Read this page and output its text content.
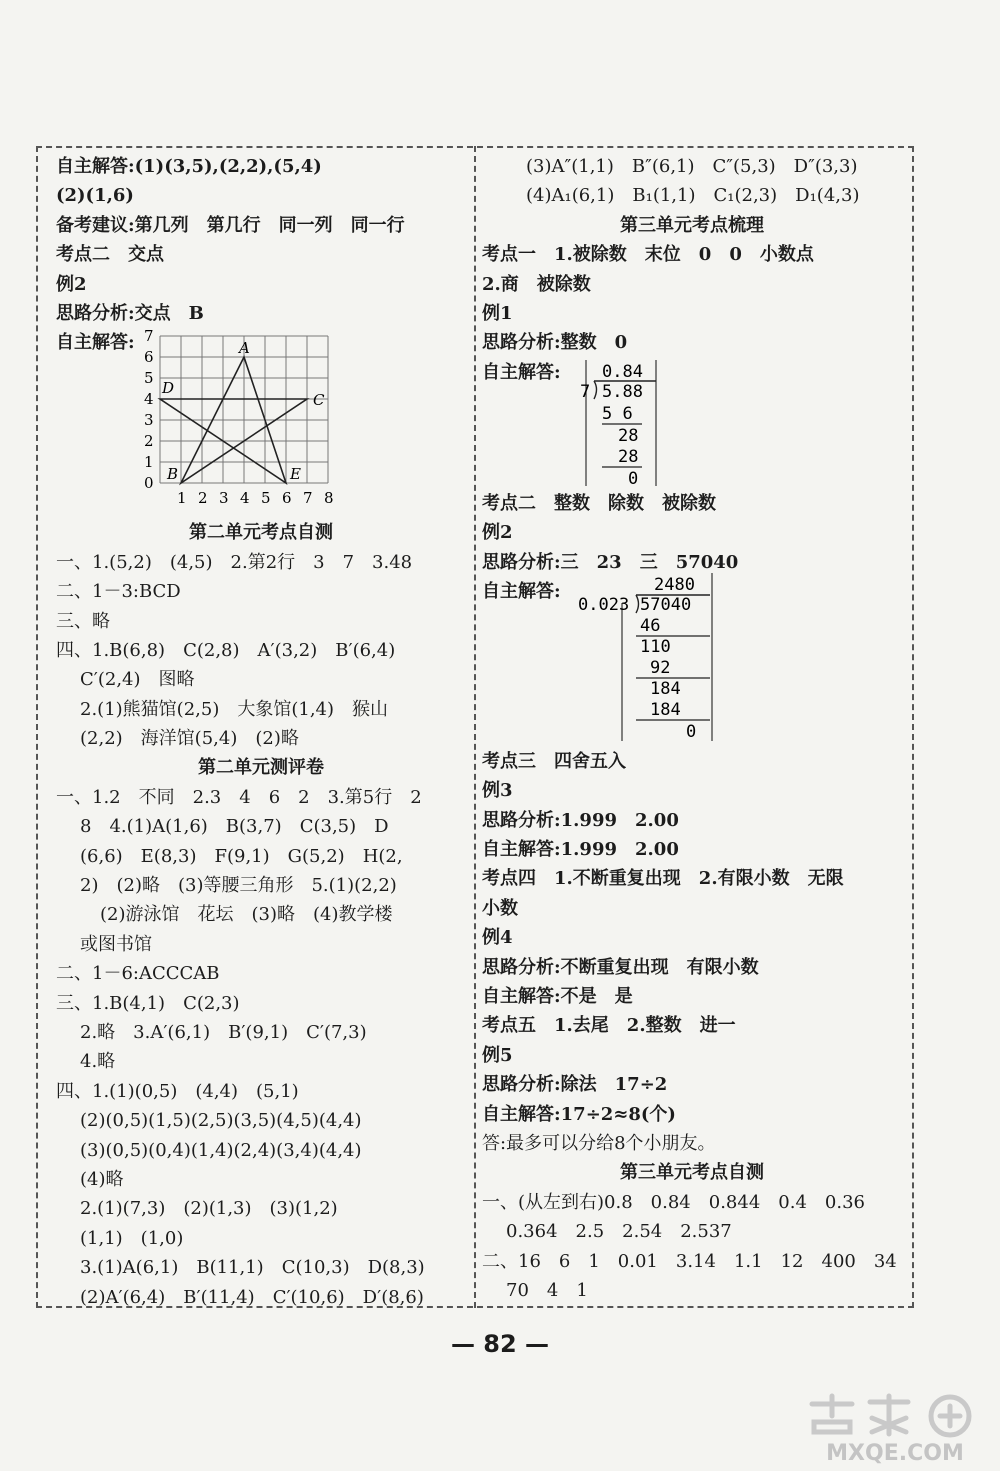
自主解答:(1)(3,5),(2,2),(5,4)
(2)(1,6)
备考建议:第几列　第几行　同一列　同一行
考点二　交点
例2
思路分析:交点　B
自主解答:
0
1
2
3
4
5
6
7
1 2 3 4 5 6 7 8
A
B
C
D
E
第二单元考点自测
一、1.(5,2)　(4,5)　2.第2行　3　7　3.48
二、1－3:BCD
三、略
四、1.B(6,8)　C(2,8)　A′(3,2)　B′(6,4)
C′(2,4)　图略
2.(1)熊猫馆(2,5)　大象馆(1,4)　猴山
(2,2)　海洋馆(5,4)　(2)略
第二单元测评卷
一、1.2　不同　2.3　4　6　2　3.第5行　2
8　4.(1)A(1,6)　B(3,7)　C(3,5)　D
(6,6)　E(8,3)　F(9,1)　G(5,2)　H(2,
2)　(2)略　(3)等腰三角形　5.(1)(2,2)
(2)游泳馆　花坛　(3)略　(4)教学楼
或图书馆
二、1－6:ACCCAB
三、1.B(4,1)　C(2,3)
2.略　3.A′(6,1)　B′(9,1)　C′(7,3)
4.略
四、1.(1)(0,5)　(4,4)　(5,1)
(2)(0,5)(1,5)(2,5)(3,5)(4,5)(4,4)
(3)(0,5)(0,4)(1,4)(2,4)(3,4)(4,4)
(4)略
2.(1)(7,3)　(2)(1,3)　(3)(1,2)
(1,1)　(1,0)
3.(1)A(6,1)　B(11,1)　C(10,3)　D(8,3)
(2)A′(6,4)　B′(11,4)　C′(10,6)　D′(8,6)
(3)A″(1,1)　B″(6,1)　C″(5,3)　D″(3,3)
(4)A₁(6,1)　B₁(1,1)　C₁(2,3)　D₁(4,3)
第三单元考点梳理
考点一　1.被除数　末位　0　0　小数点
2.商　被除数
例1
思路分析:整数　0
自主解答: 0.84
7 5.88
5 6
28
28
0
考点二　整数　除数　被除数
例2
思路分析:三　23　三　57040
自主解答:	2480
0.023 57040
46
110
92
184
184
0
考点三　四舍五入
例3
思路分析:1.999　2.00
自主解答:1.999　2.00
考点四　1.不断重复出现　2.有限小数　无限
小数
例4
思路分析:不断重复出现　有限小数
自主解答:不是　是
考点五　1.去尾　2.整数　进一
例5
思路分析:除法　17÷2
自主解答:17÷2≈8(个)
答:最多可以分给8个小朋友。
第三单元考点自测
一、(从左到右)0.8　0.84　0.844　0.4　0.36
0.364　2.5　2.54　2.537
二、16　6　1　0.01　3.14　1.1　12　400　34
70　4　1
— 82 —
MXQE.COM
